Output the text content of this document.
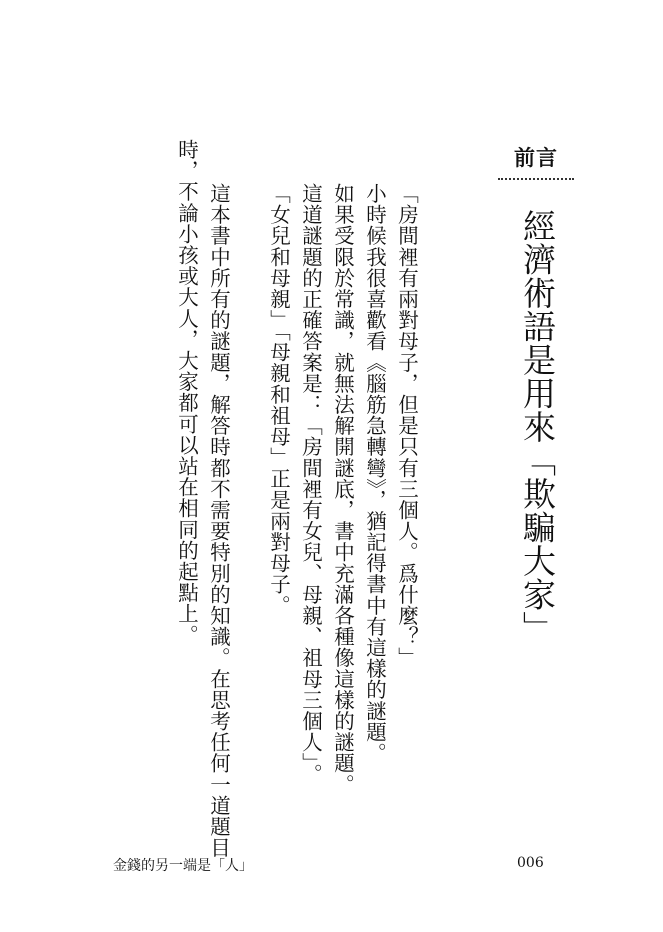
前言
經濟術語是用來「欺騙大家」
「房間裡有兩對母子，但是只有三個人。爲什麼？」
小時候我很喜歡看《腦筋急轉彎》，猶記得書中有這樣的謎題。
如果受限於常識，就無法解開謎底，書中充滿各種像這樣的謎題。
這道謎題的正確答案是：「房間裡有女兒、母親、祖母三個人」。
「女兒和母親」「母親和祖母」正是兩對母子。
這本書中所有的謎題，解答時都不需要特別的知識。在思考任何一道題目
時，不論小孩或大人，大家都可以站在相同的起點上。
金錢的另一端是「人」	006
